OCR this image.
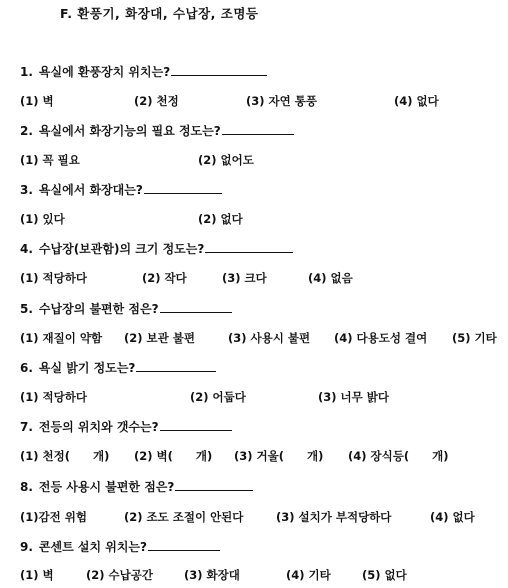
F. 환풍기, 화장대, 수납장, 조명등
1. 욕실에 환풍장치 위치는?
(1) 벽	(2) 천정	(3) 자연 통풍	(4) 없다
2. 욕실에서 화장기능의 필요 정도는?
(1) 꼭 필요	(2) 없어도
3. 욕실에서 화장대는?
(1) 있다	(2) 없다
4. 수납장(보관함)의 크기 정도는?
(1) 적당하다	(2) 작다	(3) 크다	(4) 없음
5. 수납장의 불편한 점은?
(1) 재질이 약함 (2) 보관 불편	(3) 사용시 불편 (4) 다용도성 결여 (5) 기타
6. 욕실 밝기 정도는?
(1) 적당하다	(2) 어둡다	(3) 너무 밝다
7. 전등의 위치와 갯수는?
(1) 천정(　　개) (2) 벽(　　개) (3) 거울(　　개) (4) 장식등(　　개)
8. 전등 사용시 불편한 점은?
(1)감전 위험	(2) 조도 조절이 안된다	(3) 설치가 부적당하다	(4) 없다
9. 콘센트 설치 위치는?
(1) 벽	(2) 수납공간	(3) 화장대	(4) 기타	(5) 없다
